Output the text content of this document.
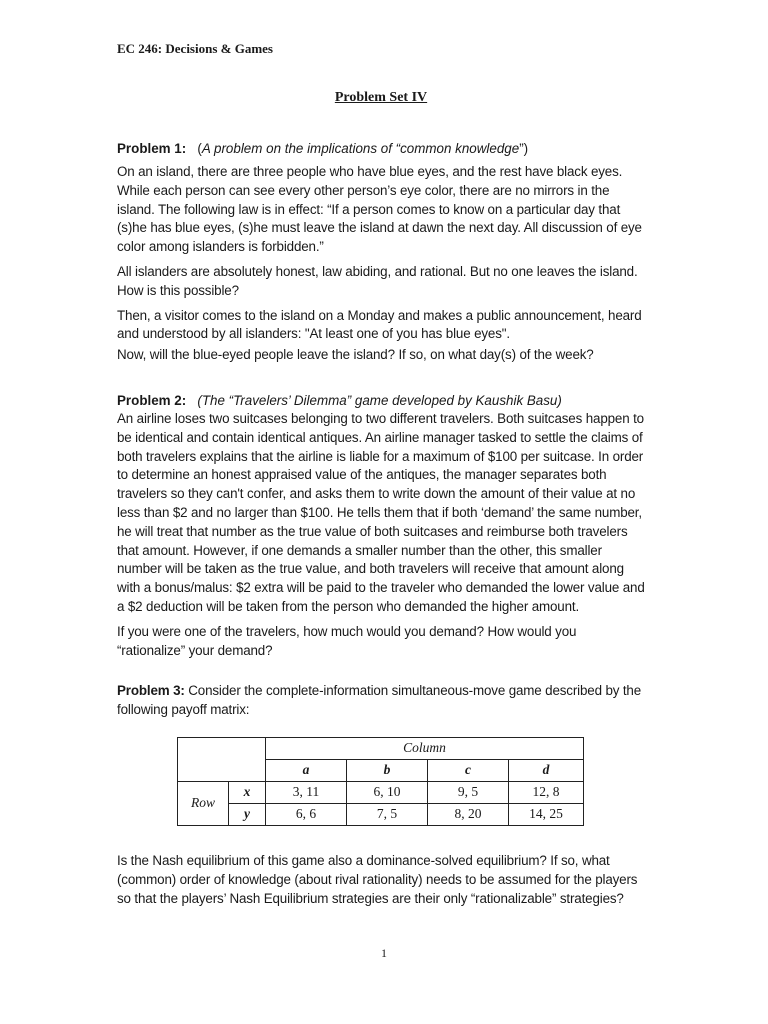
EC 246: Decisions & Games

Problem Set IV

Problem 1: (A problem on the implications of “common knowledge”)

On an island, there are three people who have blue eyes, and the rest have black eyes. While each person can see every other person’s eye color, there are no mirrors in the island. The following law is in effect: “If a person comes to know on a particular day that (s)he has blue eyes, (s)he must leave the island at dawn the next day. All discussion of eye color among islanders is forbidden.”

All islanders are absolutely honest, law abiding, and rational. But no one leaves the island. How is this possible?

Then, a visitor comes to the island on a Monday and makes a public announcement, heard and understood by all islanders: "At least one of you has blue eyes".

Now, will the blue-eyed people leave the island? If so, on what day(s) of the week?

Problem 2: (The “Travelers’ Dilemma” game developed by Kaushik Basu)

An airline loses two suitcases belonging to two different travelers. Both suitcases happen to be identical and contain identical antiques. An airline manager tasked to settle the claims of both travelers explains that the airline is liable for a maximum of $100 per suitcase. In order to determine an honest appraised value of the antiques, the manager separates both travelers so they can't confer, and asks them to write down the amount of their value at no less than $2 and no larger than $100. He tells them that if both ‘demand’ the same number, he will treat that number as the true value of both suitcases and reimburse both travelers that amount. However, if one demands a smaller number than the other, this smaller number will be taken as the true value, and both travelers will receive that amount along with a bonus/malus: $2 extra will be paid to the traveler who demanded the lower value and a $2 deduction will be taken from the person who demanded the higher amount.

If you were one of the travelers, how much would you demand? How would you “rationalize” your demand?

Problem 3: Consider the complete-information simultaneous-move game described by the following payoff matrix:

		Column			
		a	b	c	d
Row	x	3, 11	6, 10	9, 5	12, 8
	y	6, 6	7, 5	8, 20	14, 25

Is the Nash equilibrium of this game also a dominance-solved equilibrium? If so, what (common) order of knowledge (about rival rationality) needs to be assumed for the players so that the players’ Nash Equilibrium strategies are their only “rationalizable” strategies?

1
